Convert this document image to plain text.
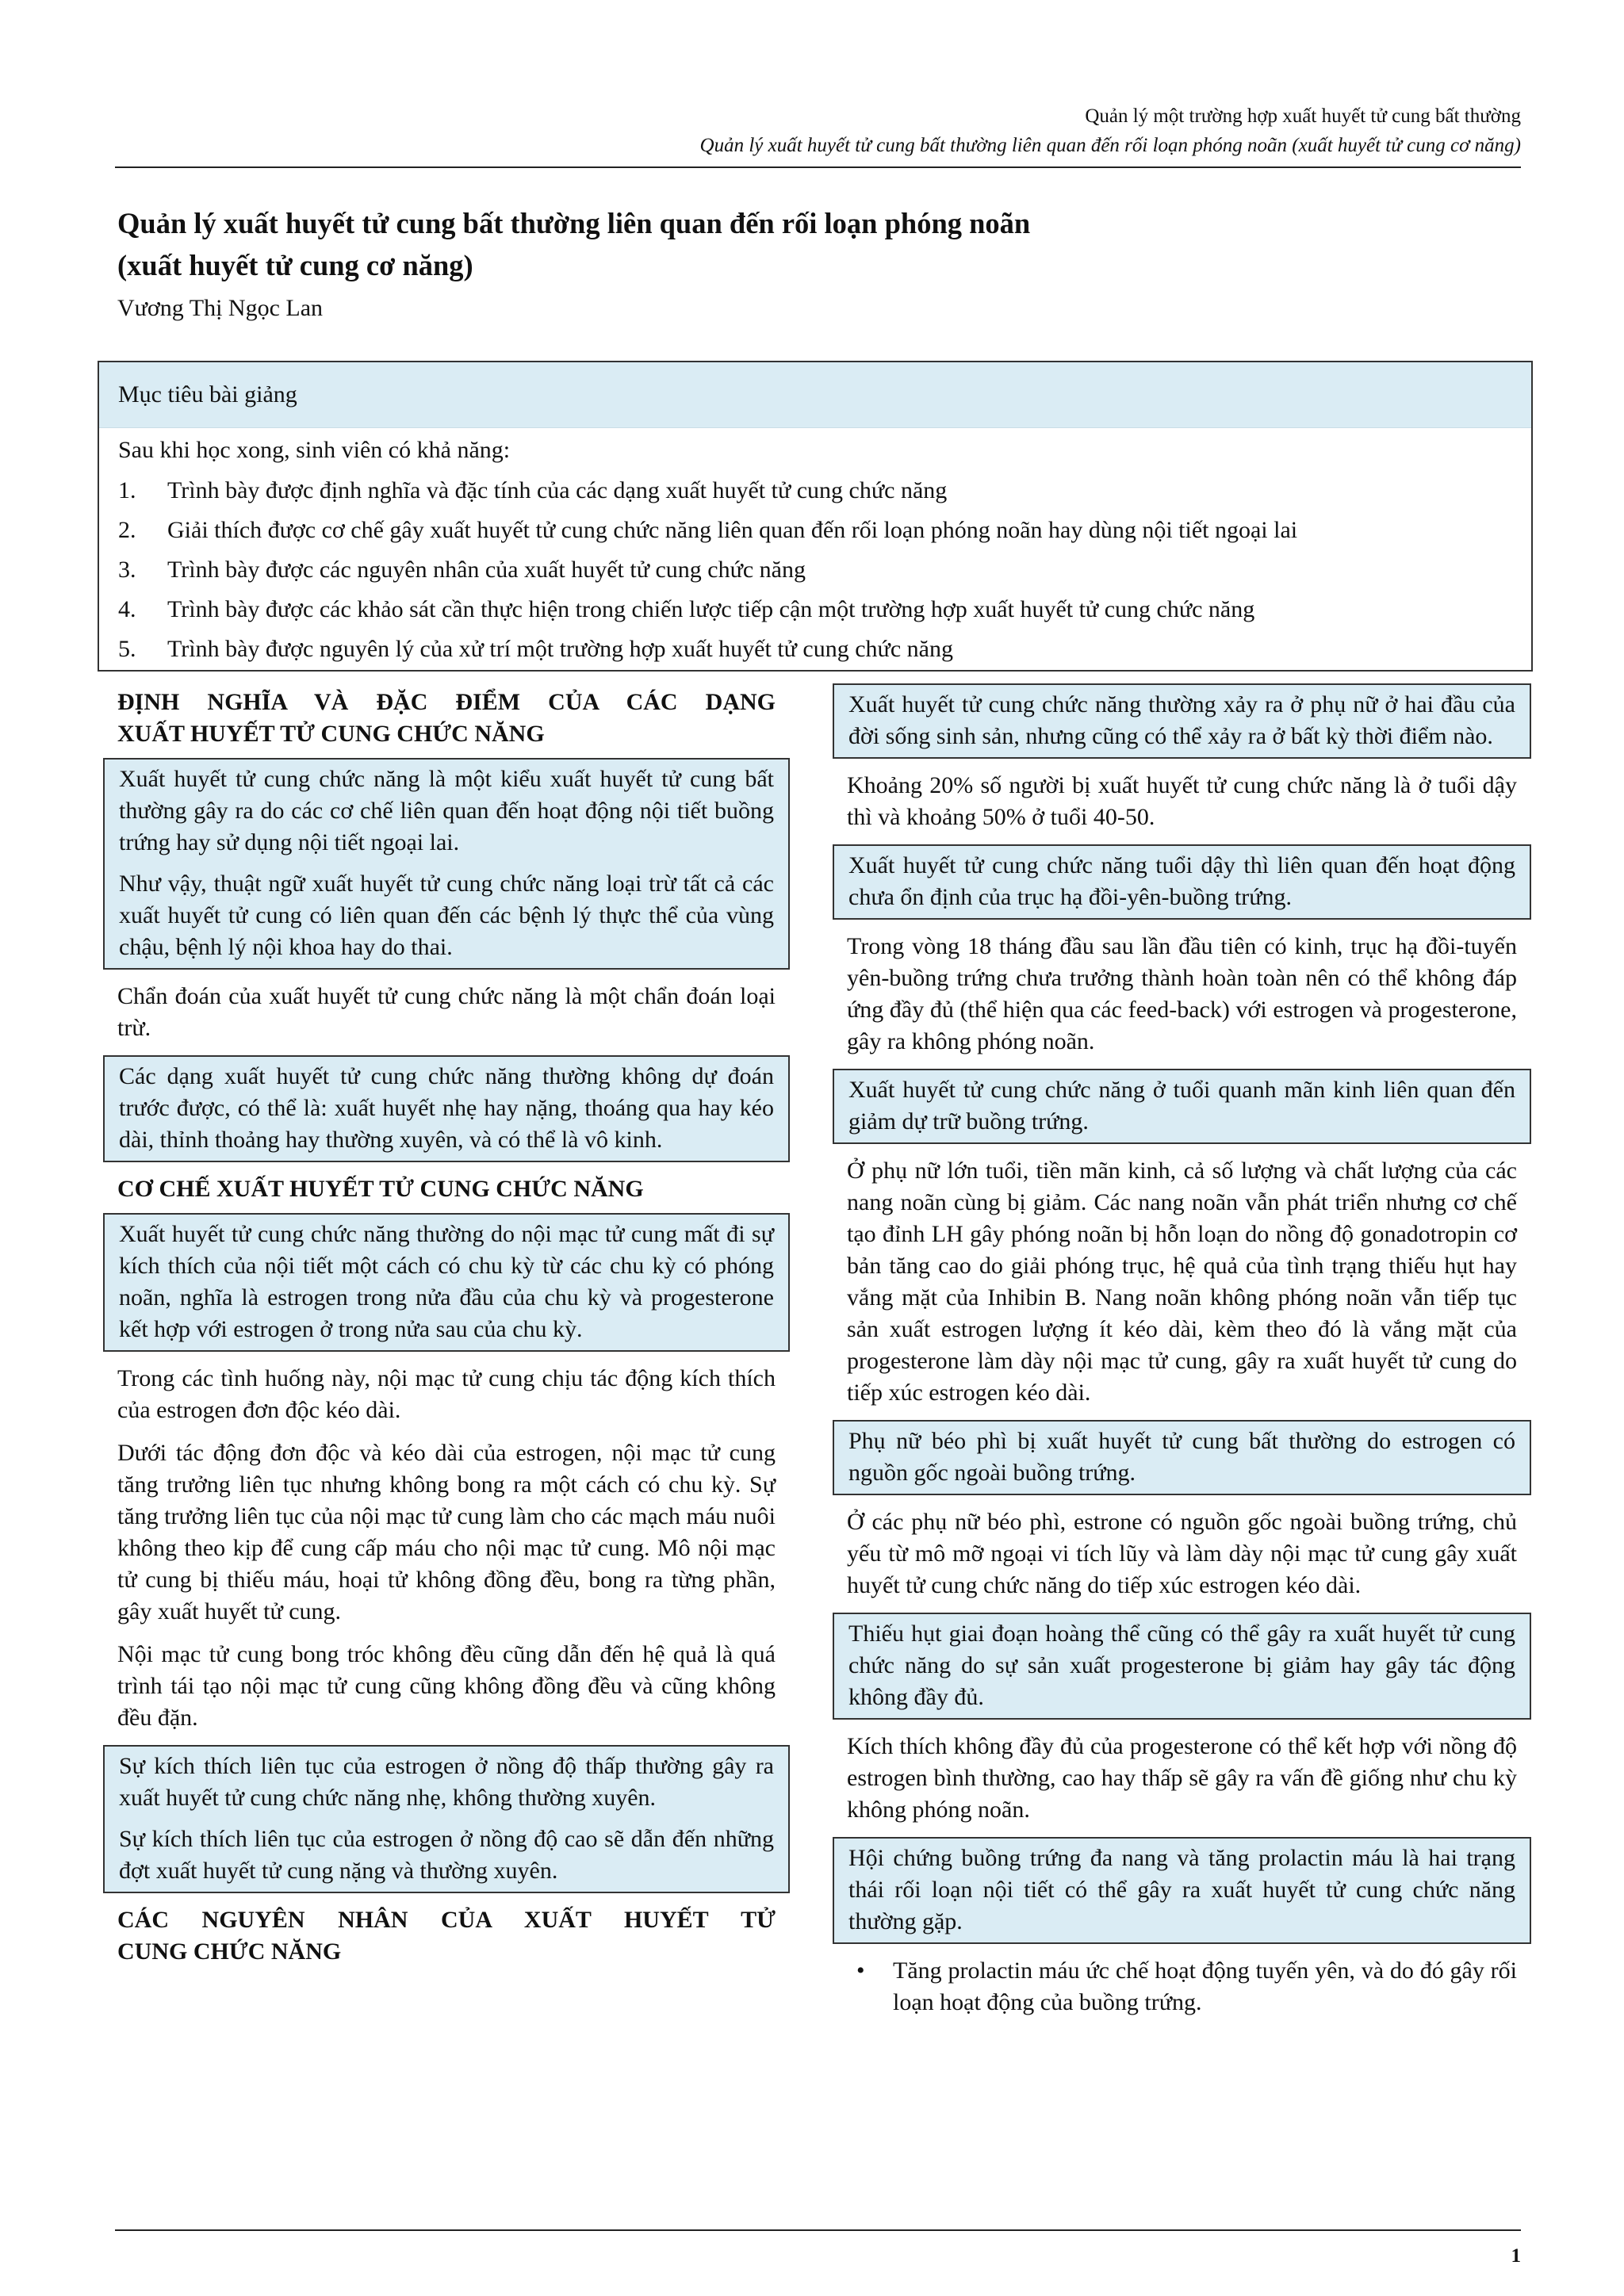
Quản lý một trường hợp xuất huyết tử cung bất thường
Quản lý xuất huyết tử cung bất thường liên quan đến rối loạn phóng noãn (xuất huyết tử cung cơ năng)
Quản lý xuất huyết tử cung bất thường liên quan đến rối loạn phóng noãn
(xuất huyết tử cung cơ năng)
Vương Thị Ngọc Lan
Mục tiêu bài giảng
Sau khi học xong, sinh viên có khả năng:
1. Trình bày được định nghĩa và đặc tính của các dạng xuất huyết tử cung chức năng
2. Giải thích được cơ chế gây xuất huyết tử cung chức năng liên quan đến rối loạn phóng noãn hay dùng nội tiết ngoại lai
3. Trình bày được các nguyên nhân của xuất huyết tử cung chức năng
4. Trình bày được các khảo sát cần thực hiện trong chiến lược tiếp cận một trường hợp xuất huyết tử cung chức năng
5. Trình bày được nguyên lý của xử trí một trường hợp xuất huyết tử cung chức năng
ĐỊNH NGHĨA VÀ ĐẶC ĐIỂM CỦA CÁC DẠNG

XUẤT HUYẾT TỬ CUNG CHỨC NĂNG

Xuất huyết tử cung chức năng là một kiểu xuất huyết tử cung bất thường gây ra do các cơ chế liên quan đến hoạt động nội tiết buồng trứng hay sử dụng nội tiết ngoại lai.

Như vậy, thuật ngữ xuất huyết tử cung chức năng loại trừ tất cả các xuất huyết tử cung có liên quan đến các bệnh lý thực thể của vùng chậu, bệnh lý nội khoa hay do thai.

Chẩn đoán của xuất huyết tử cung chức năng là một chẩn đoán loại trừ.

Các dạng xuất huyết tử cung chức năng thường không dự đoán trước được, có thể là: xuất huyết nhẹ hay nặng, thoáng qua hay kéo dài, thỉnh thoảng hay thường xuyên, và có thể là vô kinh.

CƠ CHẾ XUẤT HUYẾT TỬ CUNG CHỨC NĂNG

Xuất huyết tử cung chức năng thường do nội mạc tử cung mất đi sự kích thích của nội tiết một cách có chu kỳ từ các chu kỳ có phóng noãn, nghĩa là estrogen trong nửa đầu của chu kỳ và progesterone kết hợp với estrogen ở trong nửa sau của chu kỳ.

Trong các tình huống này, nội mạc tử cung chịu tác động kích thích của estrogen đơn độc kéo dài.

Dưới tác động đơn độc và kéo dài của estrogen, nội mạc tử cung tăng trưởng liên tục nhưng không bong ra một cách có chu kỳ. Sự tăng trưởng liên tục của nội mạc tử cung làm cho các mạch máu nuôi không theo kịp để cung cấp máu cho nội mạc tử cung. Mô nội mạc tử cung bị thiếu máu, hoại tử không đồng đều, bong ra từng phần, gây xuất huyết tử cung.

Nội mạc tử cung bong tróc không đều cũng dẫn đến hệ quả là quá trình tái tạo nội mạc tử cung cũng không đồng đều và cũng không đều đặn.

Sự kích thích liên tục của estrogen ở nồng độ thấp thường gây ra xuất huyết tử cung chức năng nhẹ, không thường xuyên.

Sự kích thích liên tục của estrogen ở nồng độ cao sẽ dẫn đến những đợt xuất huyết tử cung nặng và thường xuyên.

CÁC NGUYÊN NHÂN CỦA XUẤT HUYẾT TỬ

CUNG CHỨC NĂNG

Xuất huyết tử cung chức năng thường xảy ra ở phụ nữ ở hai đầu của đời sống sinh sản, nhưng cũng có thể xảy ra ở bất kỳ thời điểm nào.

Khoảng 20% số người bị xuất huyết tử cung chức năng là ở tuổi dậy thì và khoảng 50% ở tuổi 40-50.

Xuất huyết tử cung chức năng tuổi dậy thì liên quan đến hoạt động chưa ổn định của trục hạ đồi-yên-buồng trứng.

Trong vòng 18 tháng đầu sau lần đầu tiên có kinh, trục hạ đồi-tuyến yên-buồng trứng chưa trưởng thành hoàn toàn nên có thể không đáp ứng đầy đủ (thể hiện qua các feed-back) với estrogen và progesterone, gây ra không phóng noãn.

Xuất huyết tử cung chức năng ở tuổi quanh mãn kinh liên quan đến giảm dự trữ buồng trứng.

Ở phụ nữ lớn tuổi, tiền mãn kinh, cả số lượng và chất lượng của các nang noãn cùng bị giảm. Các nang noãn vẫn phát triển nhưng cơ chế tạo đỉnh LH gây phóng noãn bị hỗn loạn do nồng độ gonadotropin cơ bản tăng cao do giải phóng trục, hệ quả của tình trạng thiếu hụt hay vắng mặt của Inhibin B. Nang noãn không phóng noãn vẫn tiếp tục sản xuất estrogen lượng ít kéo dài, kèm theo đó là vắng mặt của progesterone làm dày nội mạc tử cung, gây ra xuất huyết tử cung do tiếp xúc estrogen kéo dài.

Phụ nữ béo phì bị xuất huyết tử cung bất thường do estrogen có nguồn gốc ngoài buồng trứng.

Ở các phụ nữ béo phì, estrone có nguồn gốc ngoài buồng trứng, chủ yếu từ mô mỡ ngoại vi tích lũy và làm dày nội mạc tử cung gây xuất huyết tử cung chức năng do tiếp xúc estrogen kéo dài.

Thiếu hụt giai đoạn hoàng thể cũng có thể gây ra xuất huyết tử cung chức năng do sự sản xuất progesterone bị giảm hay gây tác động không đầy đủ.

Kích thích không đầy đủ của progesterone có thể kết hợp với nồng độ estrogen bình thường, cao hay thấp sẽ gây ra vấn đề giống như chu kỳ không phóng noãn.

Hội chứng buồng trứng đa nang và tăng prolactin máu là hai trạng thái rối loạn nội tiết có thể gây ra xuất huyết tử cung chức năng thường gặp.

•	Tăng prolactin máu ức chế hoạt động tuyến yên, và do đó gây rối loạn hoạt động của buồng trứng.
1
